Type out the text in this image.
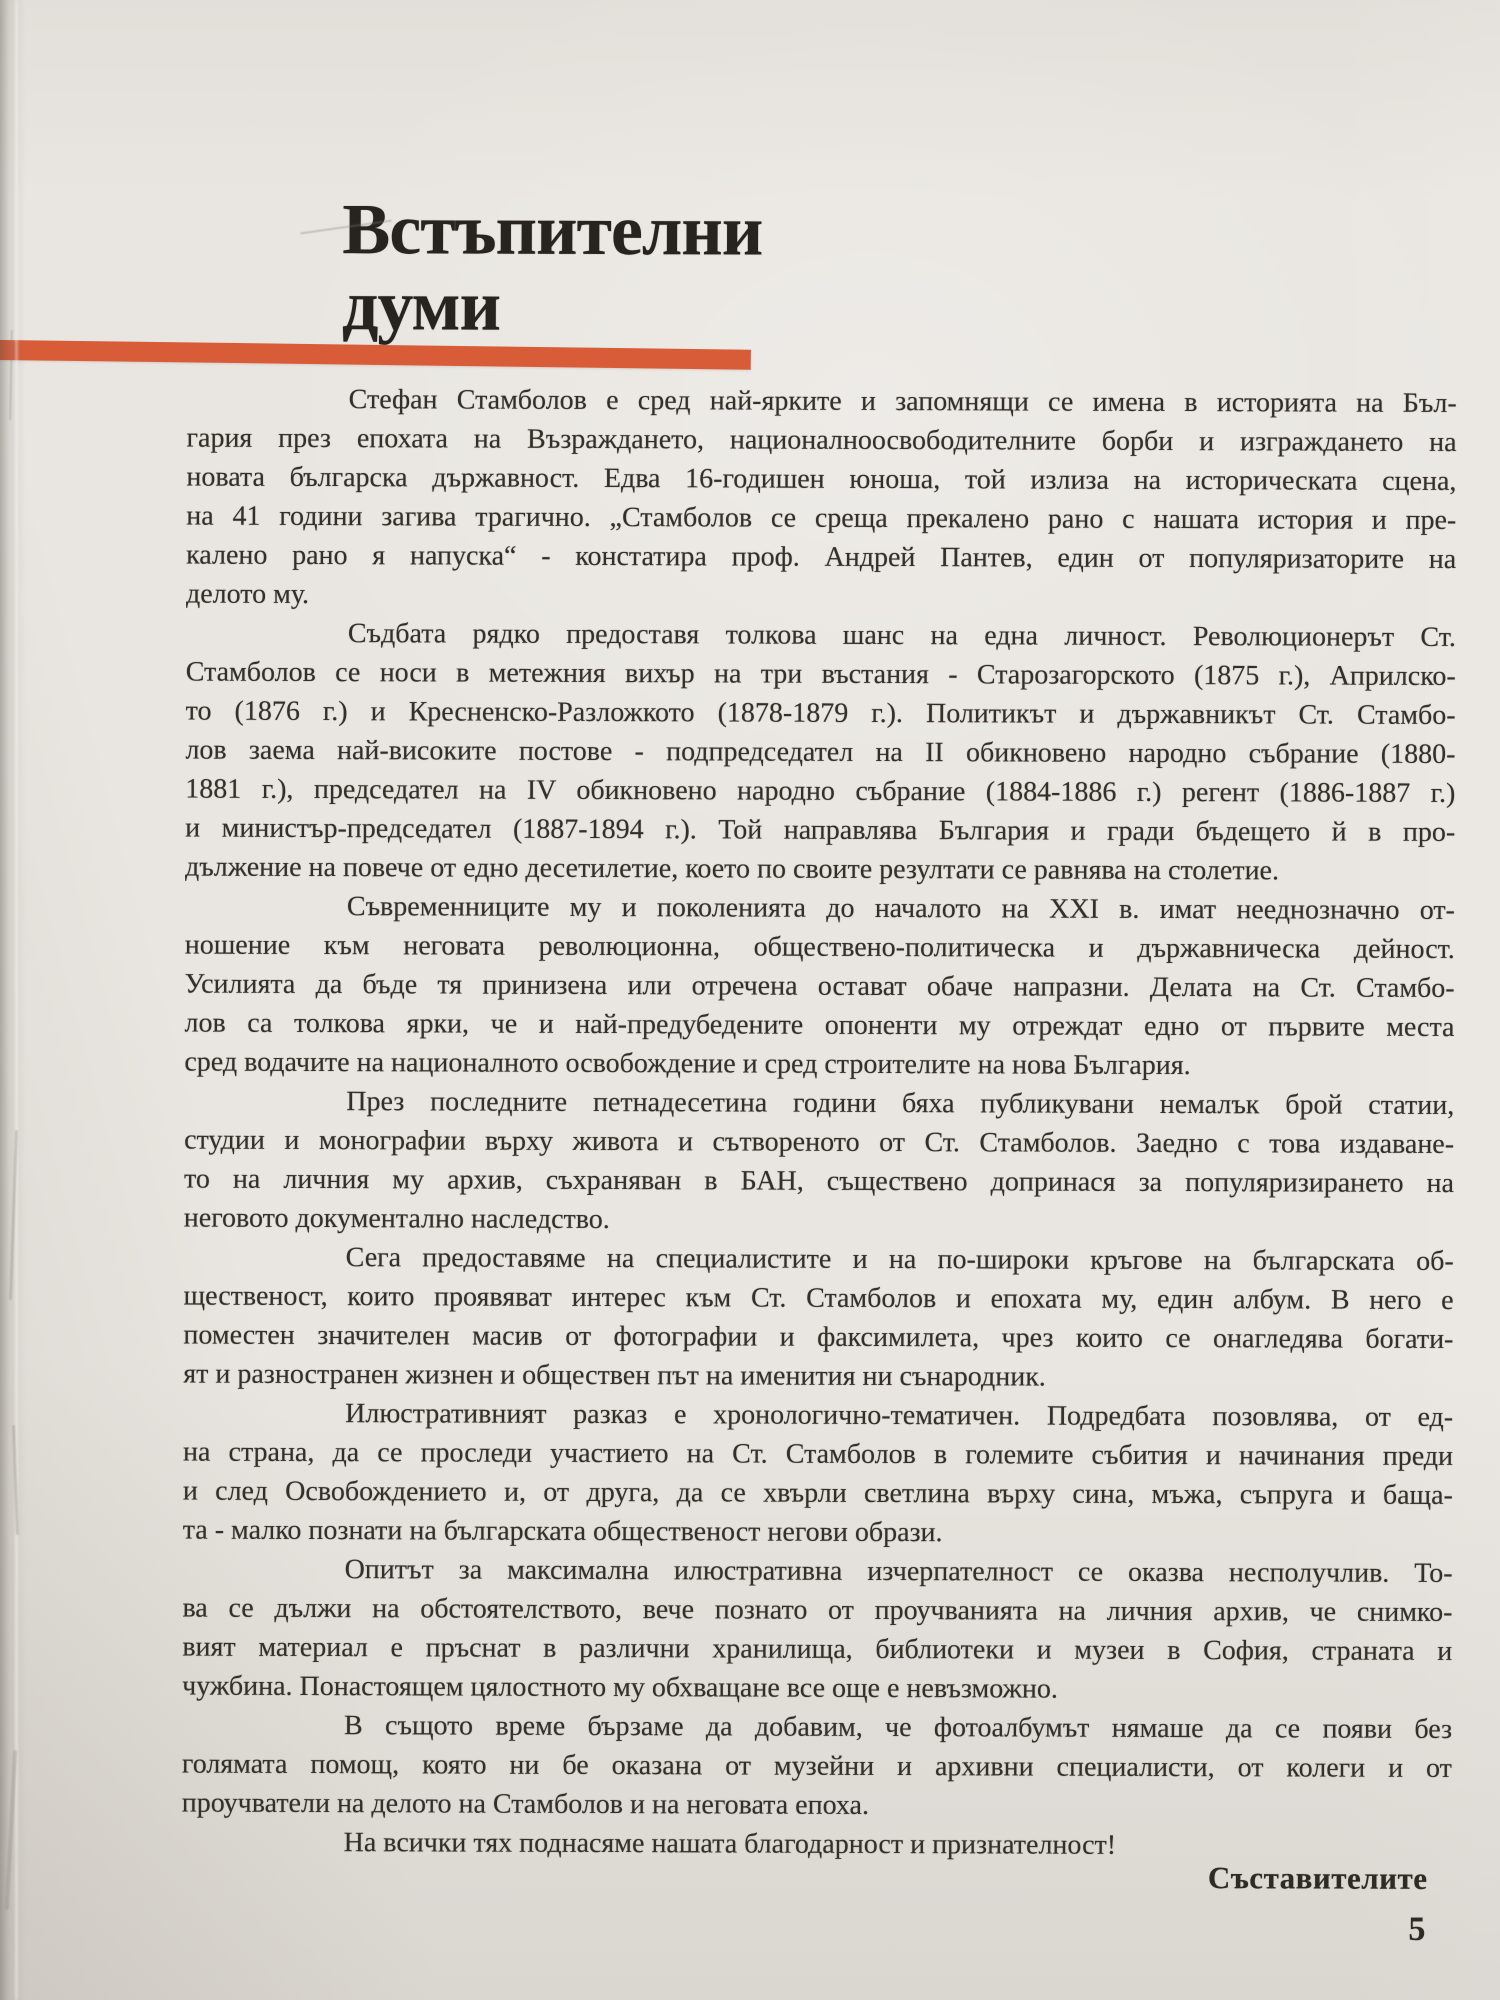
Встъпителни
думи
Стефан Стамболов е сред най-ярките и запомнящи се имена в историята на Бъл-
гария през епохата на Възраждането, националноосвободителните борби и изграждането на
новата българска държавност. Едва 16-годишен юноша, той излиза на историческата сцена,
на 41 години загива трагично. „Стамболов се среща прекалено рано с нашата история и пре-
калено рано я напуска“ - констатира проф. Андрей Пантев, един от популяризаторите на
делото му.
Съдбата рядко предоставя толкова шанс на една личност. Революционерът Ст.
Стамболов се носи в метежния вихър на три въстания - Старозагорското (1875 г.), Априлско-
то (1876 г.) и Кресненско-Разложкото (1878-1879 г.). Политикът и държавникът Ст. Стамбо-
лов заема най-високите постове - подпредседател на II обикновено народно събрание (1880-
1881 г.), председател на IV обикновено народно събрание (1884-1886 г.) регент (1886-1887 г.)
и министър-председател (1887-1894 г.). Той направлява България и гради бъдещето й в про-
дължение на повече от едно десетилетие, което по своите резултати се равнява на столетие.
Съвременниците му и поколенията до началото на XXI в. имат нееднозначно от-
ношение към неговата революционна, обществено-политическа и държавническа дейност.
Усилията да бъде тя принизена или отречена остават обаче напразни. Делата на Ст. Стамбо-
лов са толкова ярки, че и най-предубедените опоненти му отреждат едно от първите места
сред водачите на националното освобождение и сред строителите на нова България.
През последните петнадесетина години бяха публикувани немалък брой статии,
студии и монографии върху живота и сътвореното от Ст. Стамболов. Заедно с това издаване-
то на личния му архив, съхраняван в БАН, съществено допринася за популяризирането на
неговото документално наследство.
Сега предоставяме на специалистите и на по-широки кръгове на българската об-
щественост, които проявяват интерес към Ст. Стамболов и епохата му, един албум. В него е
поместен значителен масив от фотографии и факсимилета, чрез които се онагледява богати-
ят и разностранен жизнен и обществен път на именития ни сънародник.
Илюстративният разказ е хронологично-тематичен. Подредбата позовлява, от ед-
на страна, да се проследи участието на Ст. Стамболов в големите събития и начинания преди
и след Освобождението и, от друга, да се хвърли светлина върху сина, мъжа, съпруга и баща-
та - малко познати на българската общественост негови образи.
Опитът за максимална илюстративна изчерпателност се оказва несполучлив. То-
ва се дължи на обстоятелството, вече познато от проучванията на личния архив, че снимко-
вият материал е пръснат в различни хранилища, библиотеки и музеи в София, страната и
чужбина. Понастоящем цялостното му обхващане все още е невъзможно.
В същото време бързаме да добавим, че фотоалбумът нямаше да се появи без
голямата помощ, която ни бе оказана от музейни и архивни специалисти, от колеги и от
проучватели на делото на Стамболов и на неговата епоха.
На всички тях поднасяме нашата благодарност и признателност!
Съставителите
5
